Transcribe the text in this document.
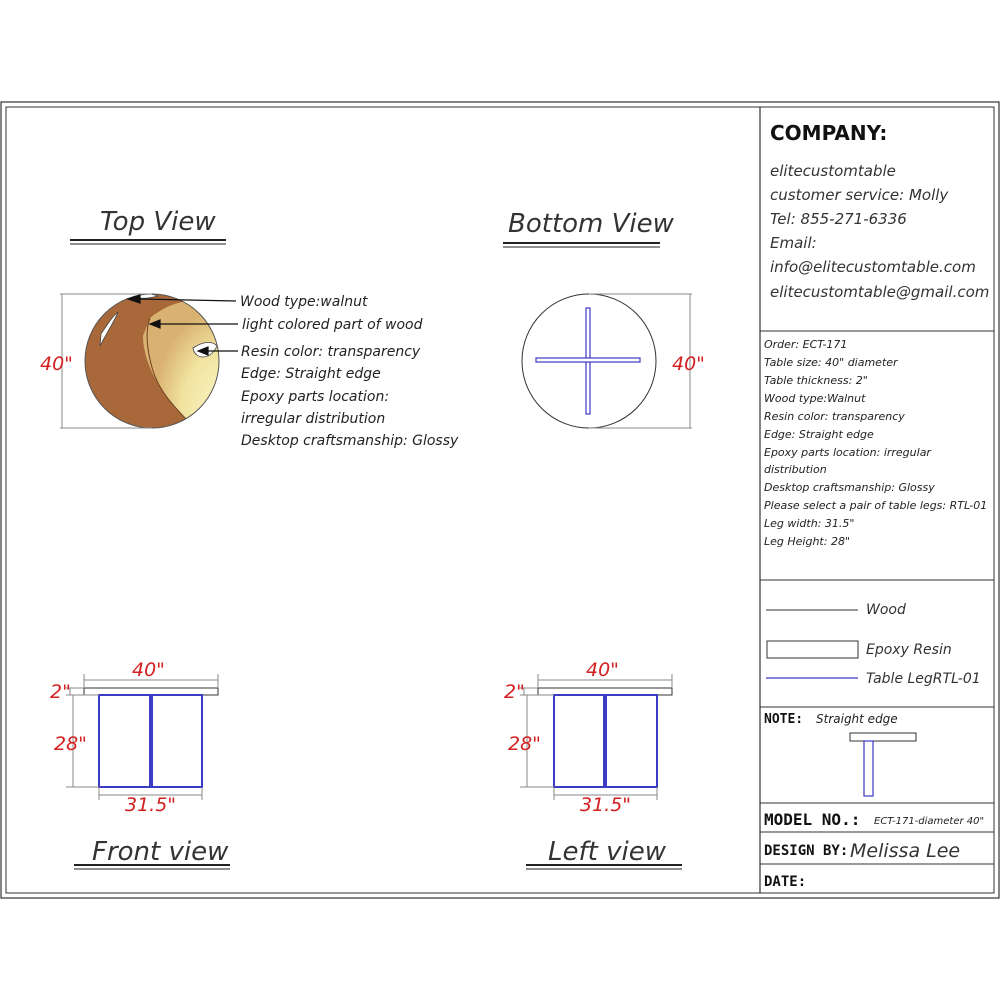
Top View	Bottom View
Front view	Left view
40"
Wood type:walnut
light colored part of wood
Resin color: transparency
Edge: Straight edge
Epoxy parts location:
irregular distribution
Desktop craftsmanship: Glossy
40"
40"
2"
28"
31.5"
40"
2"
28"
31.5"
COMPANY:
elitecustomtable
customer service: Molly
Tel: 855-271-6336
Email:
info@elitecustomtable.com
elitecustomtable@gmail.com
Order: ECT-171
Table size: 40" diameter
Table thickness: 2"
Wood type:Walnut
Resin color: transparency
Edge: Straight edge
Epoxy parts location: irregular
distribution
Desktop craftsmanship: Glossy
Please select a pair of table legs: RTL-01
Leg width: 31.5"
Leg Height: 28"
Wood
Epoxy Resin
Table LegRTL-01
NOTE: Straight edge
MODEL NO.: ECT-171-diameter 40"
DESIGN BY: Melissa Lee
DATE:
